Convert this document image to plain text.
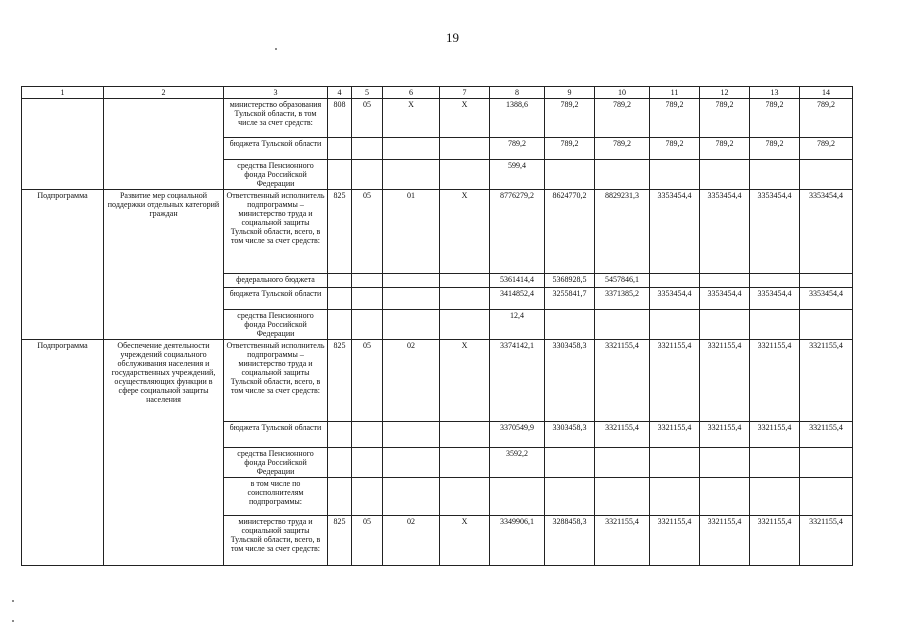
19
1	2	3	4	5	6	7	8	9	10	11	12	13	14
		министерство образования Тульской области, в том числе за счет средств:	808	05	X	X	1388,6	789,2	789,2	789,2	789,2	789,2	789,2
		бюджета Тульской области					789,2	789,2	789,2	789,2	789,2	789,2	789,2
		средства Пенсионного фонда Российской Федерации					599,4						
Подпрограмма	Развитие мер социальной поддержки отдельных категорий граждан	Ответственный исполнитель подпрограммы – министерство труда и социальной защиты Тульской области, всего, в том числе за счет средств:	825	05	01	X	8776279,2	8624770,2	8829231,3	3353454,4	3353454,4	3353454,4	3353454,4
		федерального бюджета					5361414,4	5368928,5	5457846,1				
		бюджета Тульской области					3414852,4	3255841,7	3371385,2	3353454,4	3353454,4	3353454,4	3353454,4
		средства Пенсионного фонда Российской Федерации					12,4						
Подпрограмма	Обеспечение деятельности учреждений социального обслуживания населения и государственных учреждений, осуществляющих функции в сфере социальной защиты населения	Ответственный исполнитель подпрограммы – министерство труда и социальной защиты Тульской области, всего, в том числе за счет средств:	825	05	02	X	3374142,1	3303458,3	3321155,4	3321155,4	3321155,4	3321155,4	3321155,4
		бюджета Тульской области					3370549,9	3303458,3	3321155,4	3321155,4	3321155,4	3321155,4	3321155,4
		средства Пенсионного фонда Российской Федерации					3592,2						
		в том числе по соисполнителям подпрограммы:											
		министерство труда и социальной защиты Тульской области, всего, в том числе за счет средств:	825	05	02	X	3349906,1	3288458,3	3321155,4	3321155,4	3321155,4	3321155,4	3321155,4
